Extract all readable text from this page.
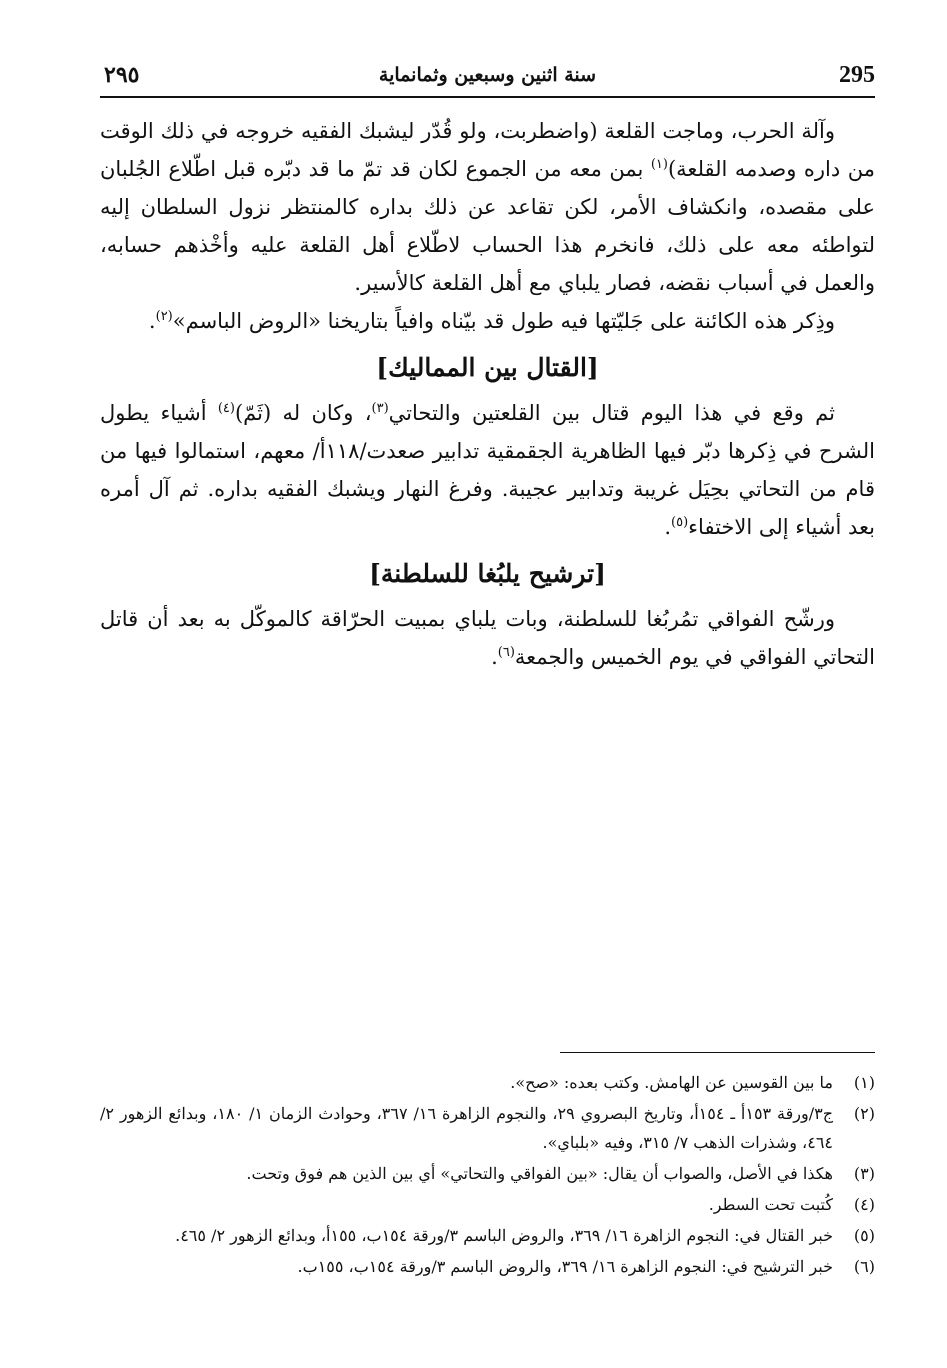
295
سنة اثنين وسبعين وثمانماية
٢٩٥

وآلة الحرب، وماجت القلعة (واضطربت، ولو قُدّر ليشبك الفقيه خروجه في ذلك الوقت من داره وصدمه القلعة)$^{(١)}$ بمن معه من الجموع لكان قد تمّ ما قد دبّره قبل اطّلاع الجُلبان على مقصده، وانكشاف الأمر، لكن تقاعد عن ذلك بداره كالمنتظر نزول السلطان إليه لتواطئه معه على ذلك، فانخرم هذا الحساب لاطّلاع أهل القلعة عليه وأخْذهم حسابه، والعمل في أسباب نقضه، فصار يلباي مع أهل القلعة كالأسير.

وذِكر هذه الكائنة على جَليّتها فيه طول قد بيّناه وافياً بتاريخنا «الروض الباسم»$^{(٢)}$.

[القتال بين المماليك]

ثم وقع في هذا اليوم قتال بين القلعتين والتحاتي$^{(٣)}$، وكان له (ثَمّ)$^{(٤)}$ أشياء يطول الشرح في ذِكرها دبّر فيها الظاهرية الجقمقية تدابير صعدت/١١٨أ/ معهم، استمالوا فيها من قام من التحاتي بحِيَل غريبة وتدابير عجيبة. وفرغ النهار ويشبك الفقيه بداره. ثم آل أمره بعد أشياء إلى الاختفاء$^{(٥)}$.

[ترشيح يلبُغا للسلطنة]

ورشّح الفواقي تمُربُغا للسلطنة، وبات يلباي بمبيت الحرّاقة كالموكّل به بعد أن قاتل التحاتي الفواقي في يوم الخميس والجمعة$^{(٦)}$.

(١)
ما بين القوسين عن الهامش. وكتب بعده: «صح».
(٢)
ج٣/ورقة ١٥٣أ ـ ١٥٤أ، وتاريخ البصروي ٢٩، والنجوم الزاهرة ١٦/ ٣٦٧، وحوادث الزمان ١/ ١٨٠، وبدائع الزهور ٢/ ٤٦٤، وشذرات الذهب ٧/ ٣١٥، وفيه «بلباي».
(٣)
هكذا في الأصل، والصواب أن يقال: «بين الفواقي والتحاتي» أي بين الذين هم فوق وتحت.
(٤)
كُتبت تحت السطر.
(٥)
خبر القتال في: النجوم الزاهرة ١٦/ ٣٦٩، والروض الباسم ٣/ورقة ١٥٤ب، ١٥٥أ، وبدائع الزهور ٢/ ٤٦٥.
(٦)
خبر الترشيح في: النجوم الزاهرة ١٦/ ٣٦٩، والروض الباسم ٣/ورقة ١٥٤ب، ١٥٥ب.
